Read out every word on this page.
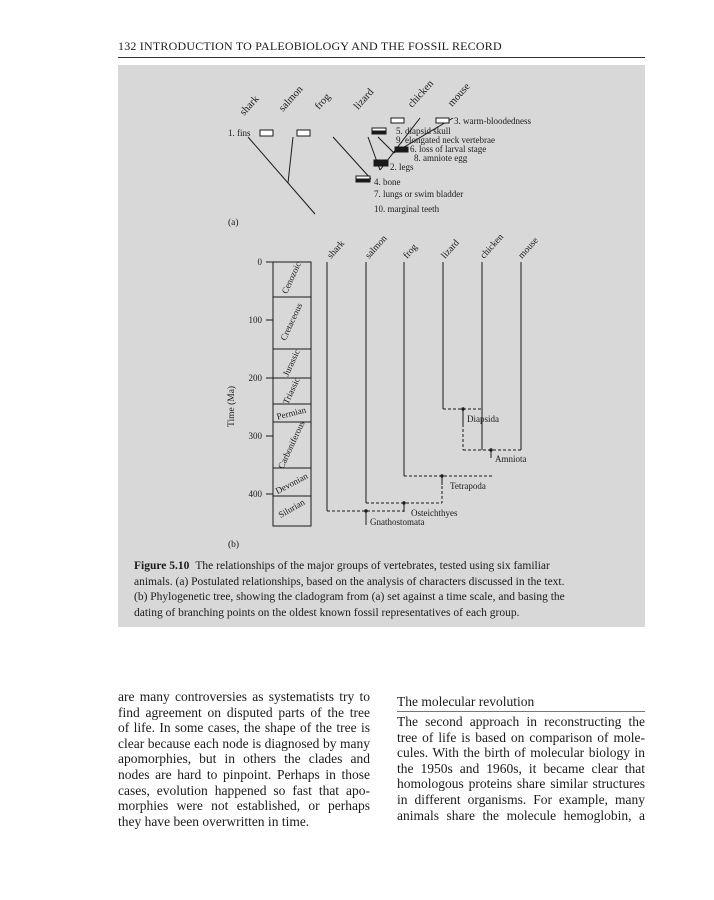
132 INTRODUCTION TO PALEOBIOLOGY AND THE FOSSIL RECORD
shark salmon frog lizard	chicken mouse
1. fins
3. warm-bloodedness
5. diapsid skull
9. elongated neck vertebrae
6. loss of larval stage
8. amniote egg
2. legs
4. bone
7. lungs or swim bladder
10. marginal teeth
(a)
Time (Ma)
0
100
200
300
400
Cenozoic
Cretaceous
Jurassic
Triassic
Permian
Carboniferous
Devonian
Silurian
shark salmon frog lizard chicken mouse
Diapsida
Amniota
Tetrapoda
Osteichthyes
Gnathostomata
(b)
Figure 5.10 The relationships of the major groups of vertebrates, tested using six familiar
animals. (a) Postulated relationships, based on the analysis of characters discussed in the text.
(b) Phylogenetic tree, showing the cladogram from (a) set against a time scale, and basing the
dating of branching points on the oldest known fossil representatives of each group.
are many controversies as systematists try to
find agreement on disputed parts of the tree
of life. In some cases, the shape of the tree is
clear because each node is diagnosed by many
apomorphies, but in others the clades and
nodes are hard to pinpoint. Perhaps in those
cases, evolution happened so fast that apo-
morphies were not established, or perhaps
they have been overwritten in time.
The molecular revolution
The second approach in reconstructing the
tree of life is based on comparison of mole-
cules. With the birth of molecular biology in
the 1950s and 1960s, it became clear that
homologous proteins share similar structures
in different organisms. For example, many
animals share the molecule hemoglobin, a
